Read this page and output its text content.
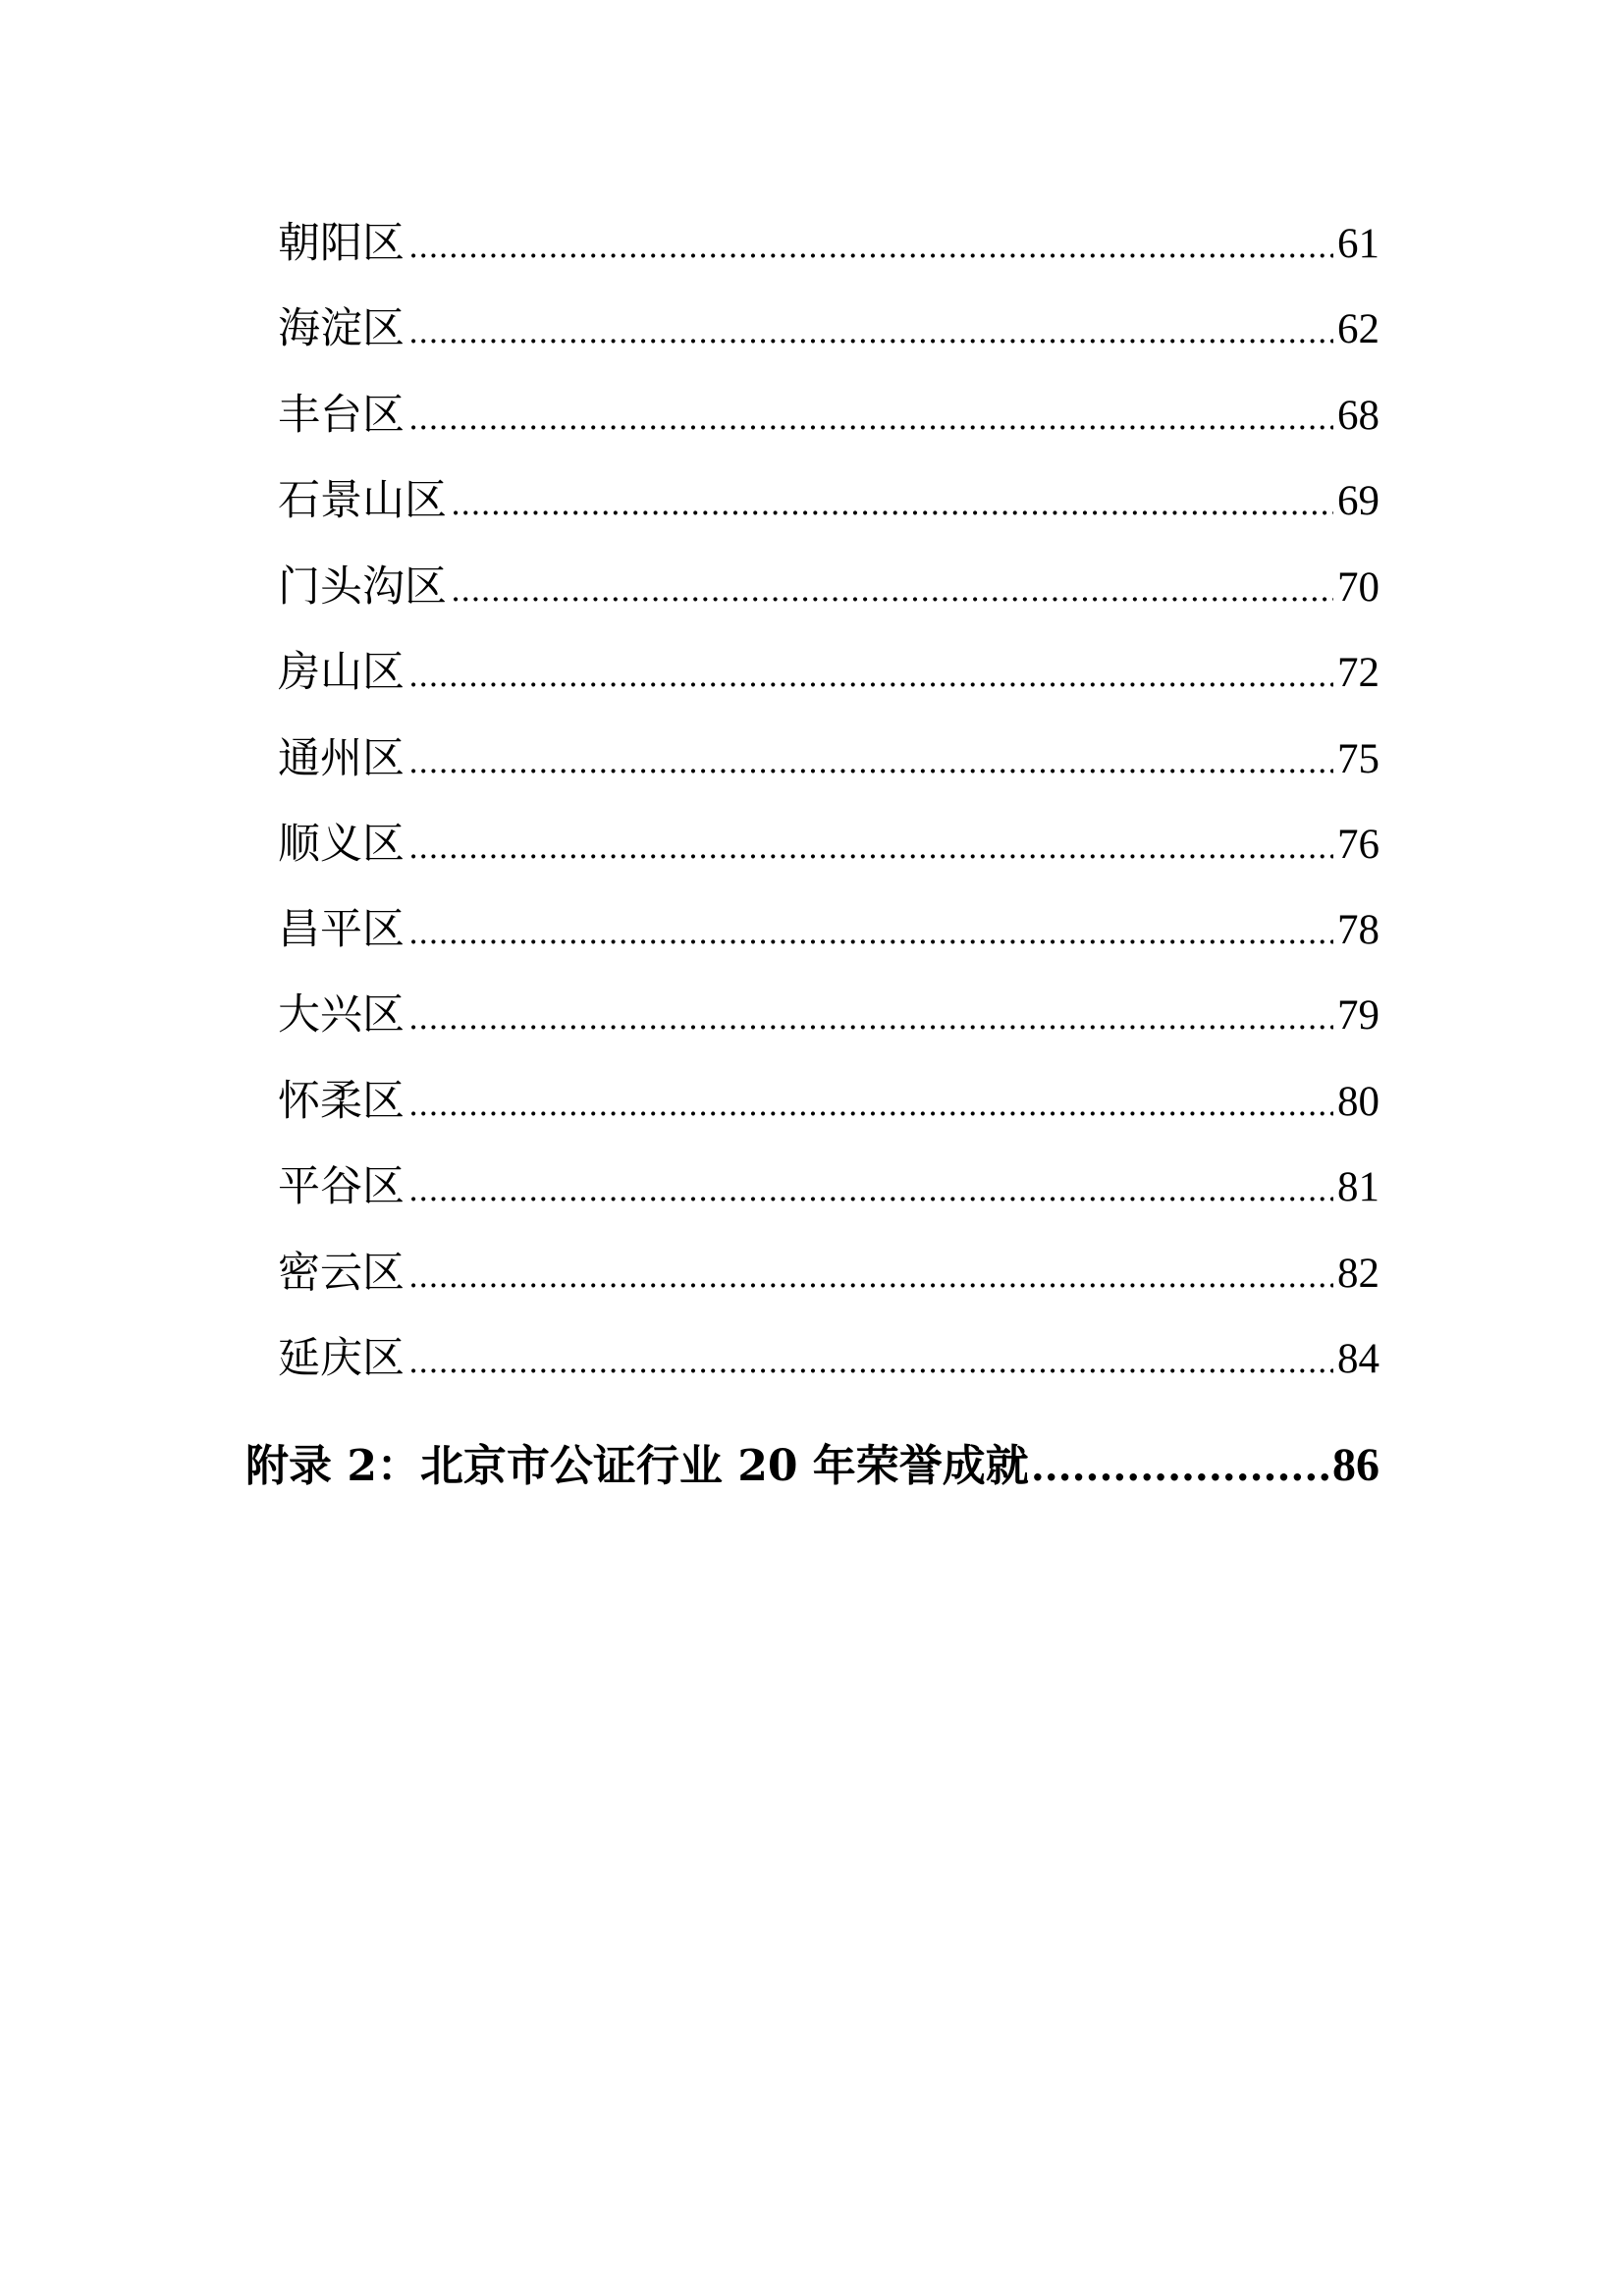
朝阳区 .....	61
海淀区 .....	62
丰台区 .....	68
石景山区 .....	69
门头沟区 .....	70
房山区 .....	72
通州区 .....	75
顺义区 .....	76
昌平区 .....	78
大兴区 .....	79
怀柔区 .....	80
平谷区 .....	81
密云区 .....	82
延庆区 .....	84
附录 2：北京市公证行业 20 年荣誉成就 .....	86
